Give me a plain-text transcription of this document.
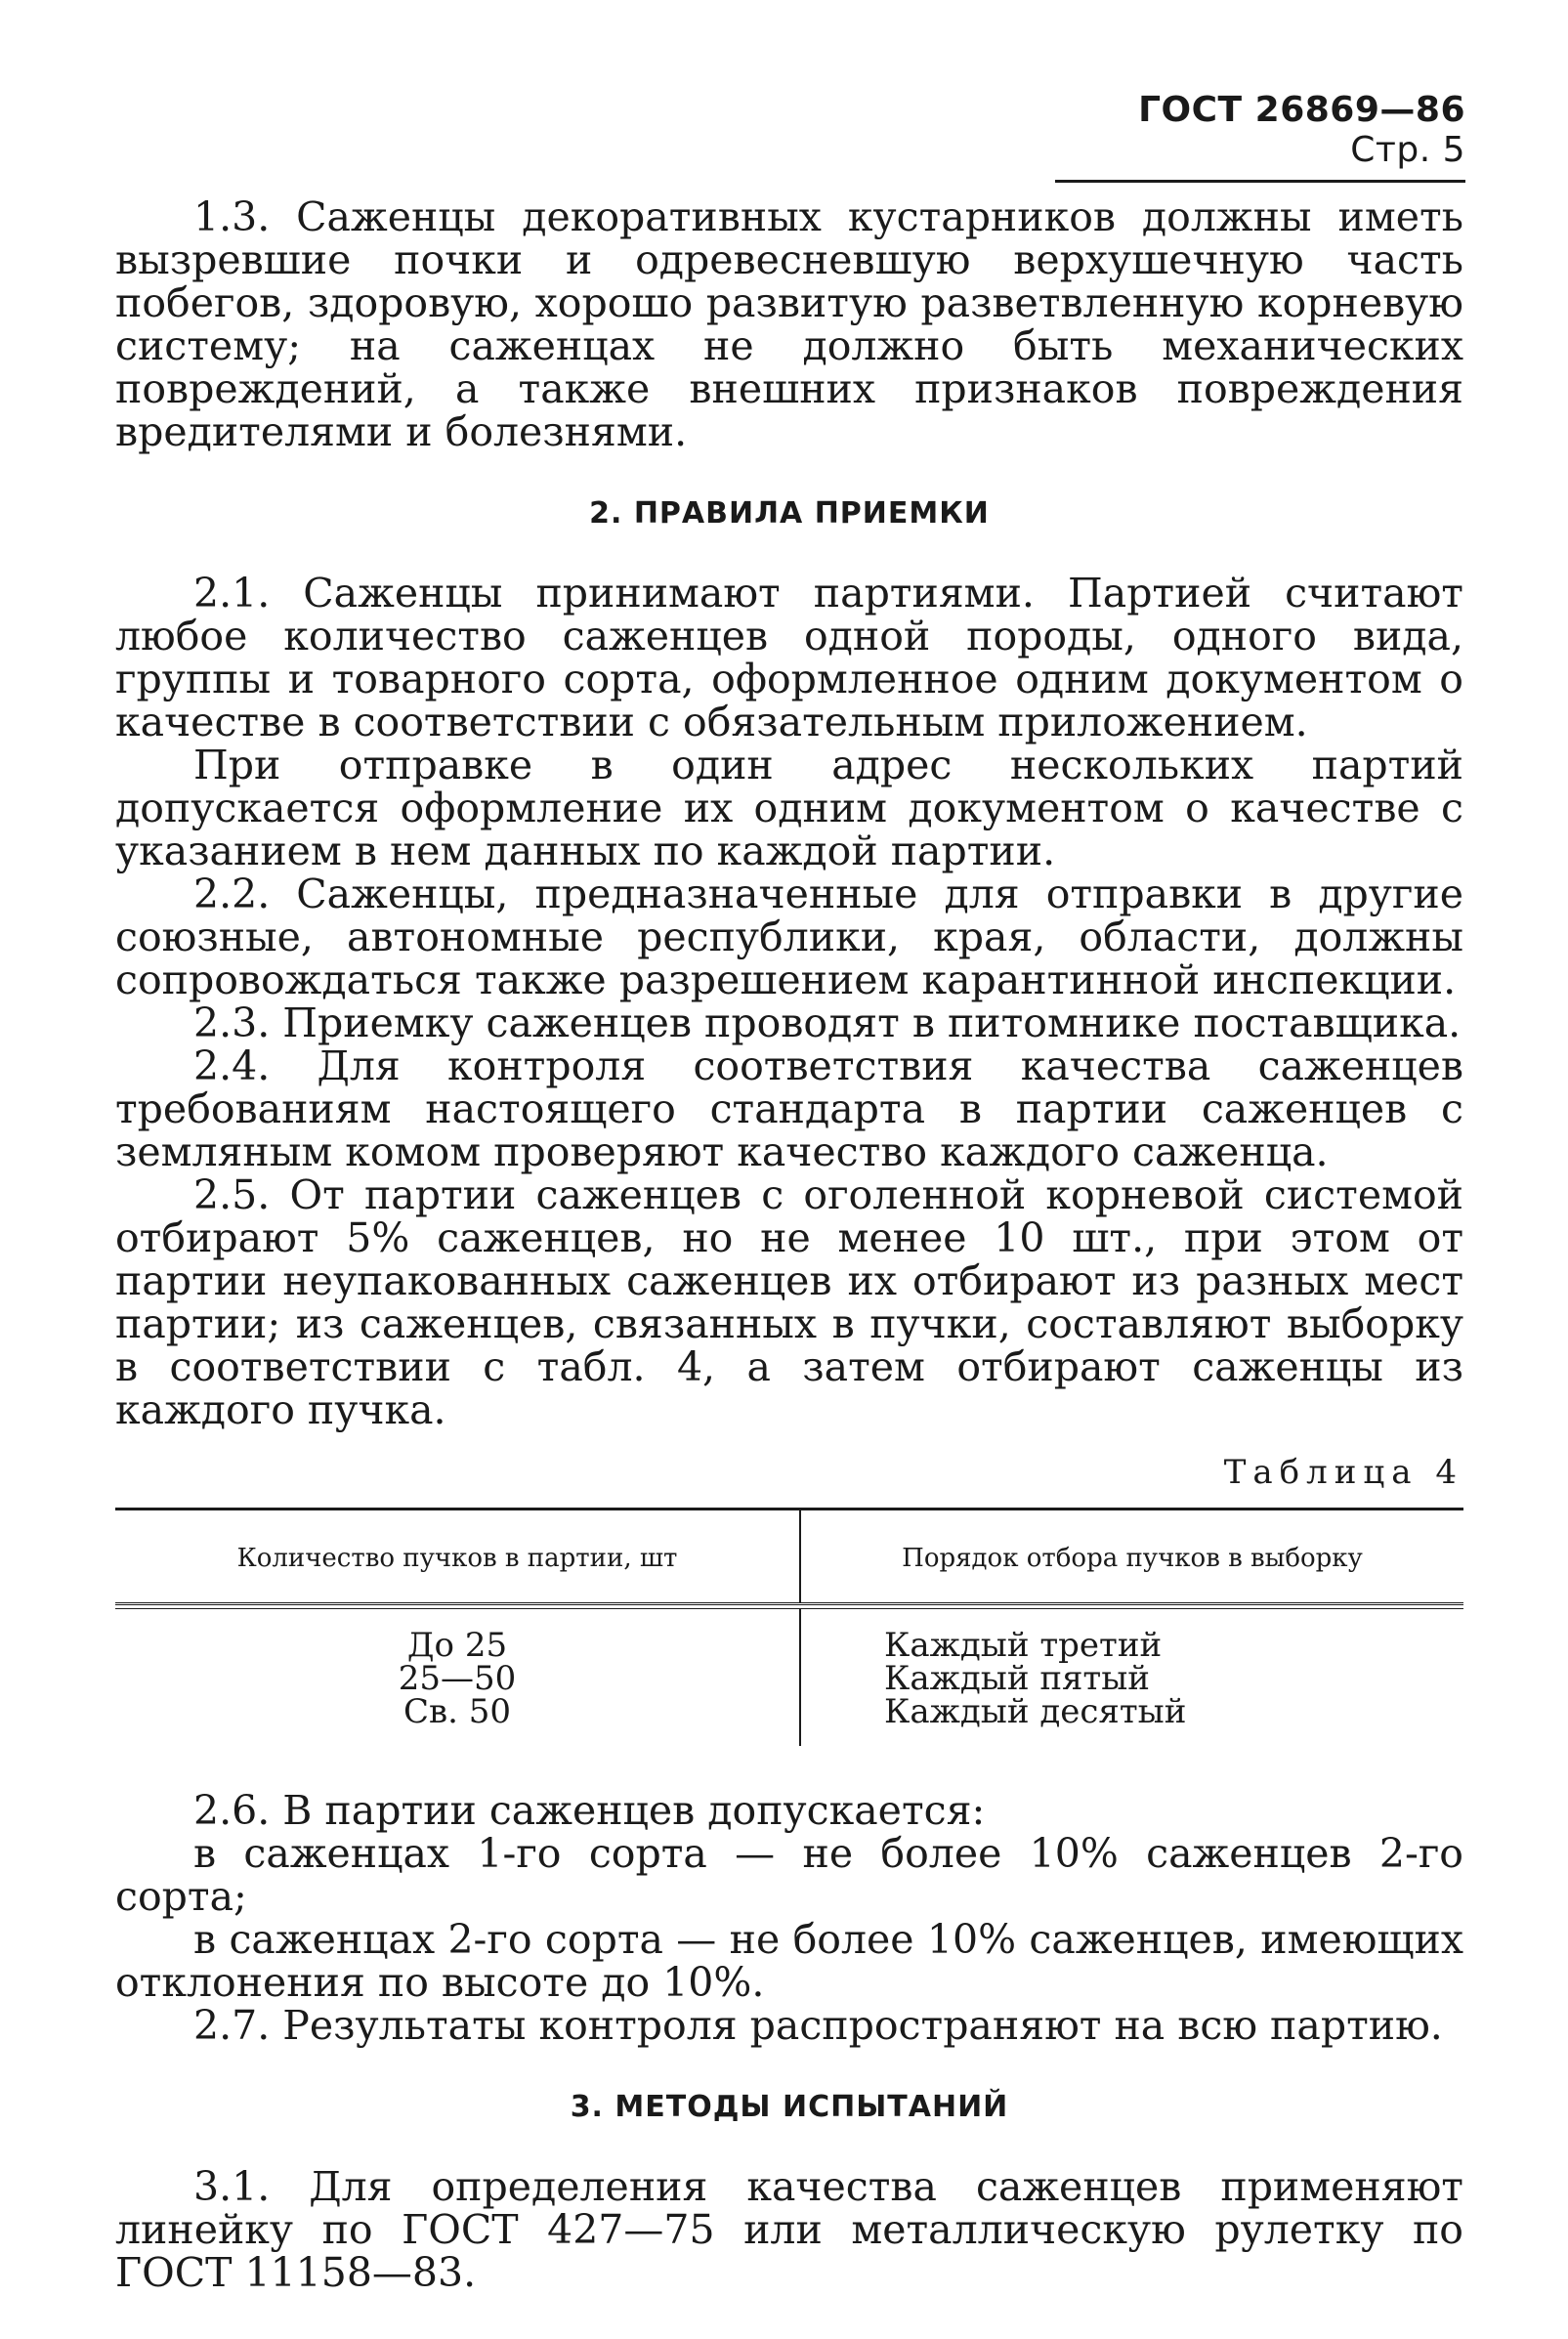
ГОСТ 26869—86 Стр. 5

1.3. Саженцы декоративных кустарников должны иметь вызревшие почки и одревесневшую верхушечную часть побегов, здоровую, хорошо развитую разветвленную корневую систему; на саженцах не должно быть механических повреждений, а также внешних признаков повреждения вредителями и болезнями.

2. ПРАВИЛА ПРИЕМКИ

2.1. Саженцы принимают партиями. Партией считают любое количество саженцев одной породы, одного вида, группы и товарного сорта, оформленное одним документом о качестве в соответствии с обязательным приложением.

При отправке в один адрес нескольких партий допускается оформление их одним документом о качестве с указанием в нем данных по каждой партии.

2.2. Саженцы, предназначенные для отправки в другие союзные, автономные республики, края, области, должны сопровождаться также разрешением карантинной инспекции.

2.3. Приемку саженцев проводят в питомнике поставщика.

2.4. Для контроля соответствия качества саженцев требованиям настоящего стандарта в партии саженцев с земляным комом проверяют качество каждого саженца.

2.5. От партии саженцев с оголенной корневой системой отбирают 5% саженцев, но не менее 10 шт., при этом от партии неупакованных саженцев их отбирают из разных мест партии; из саженцев, связанных в пучки, составляют выборку в соответствии с табл. 4, а затем отбирают саженцы из каждого пучка.

Таблица 4
Количество пучков в партии, шт	Порядок отбора пучков в выборку
До 25
25—50
Св. 50
Каждый третий
Каждый пятый
Каждый десятый

2.6. В партии саженцев допускается:

в саженцах 1-го сорта — не более 10% саженцев 2-го сорта;

в саженцах 2-го сорта — не более 10% саженцев, имеющих отклонения по высоте до 10%.

2.7. Результаты контроля распространяют на всю партию.

3. МЕТОДЫ ИСПЫТАНИЙ

3.1. Для определения качества саженцев применяют линейку по ГОСТ 427—75 или металлическую рулетку по ГОСТ 11158—83.
